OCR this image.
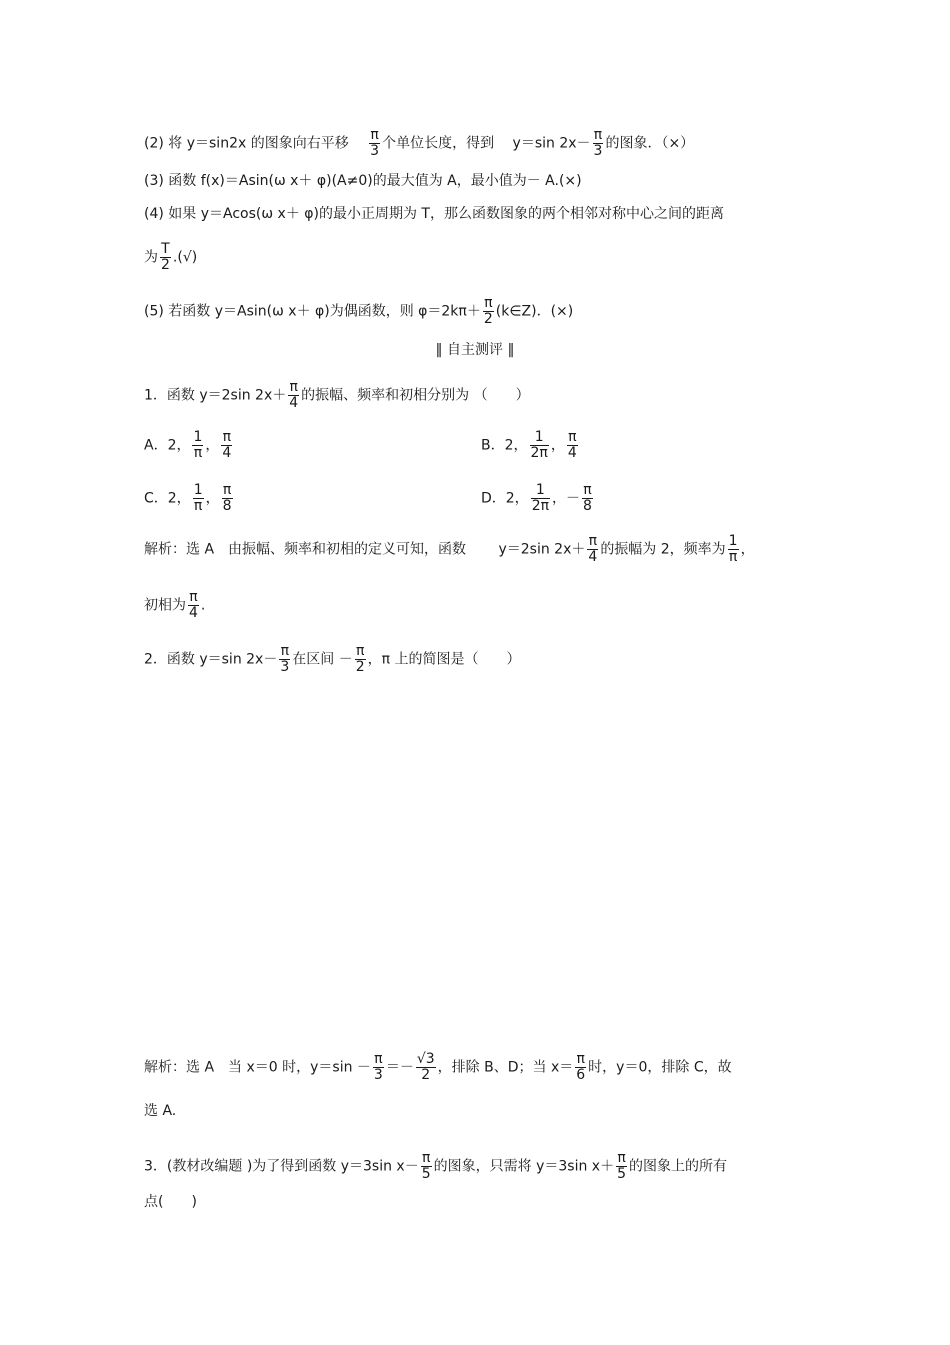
(2) 将 y＝sin2x 的图象向右平移 $\frac{\pi}{3}$ 个单位长度，得到 y＝sin $2x- \frac{\pi}{3}$ 的图象．（×）
(3) 函数 f(x)＝Asin(ω x＋ φ)(A≠0)的最大值为 A，最小值为－ A.(×)
(4) 如果 y＝Acos(ω x＋ φ)的最小正周期为 T，那么函数图象的两个相邻对称中心之间的距离
为 $\frac{T}{2}$ .(√)
(5) 若函数 y＝Asin(ω x＋ φ)为偶函数，则 $\varphi=2k\pi+ \frac{\pi}{2}$ (k∈Z)．(×)
‖ 自主测评 ‖
1．函数 y＝2sin $2x+ \frac{\pi}{4}$ 的振幅、频率和初相分别为 （　　）
A．2， $\frac{1}{\pi}$ ， $\frac{\pi}{4}$	B．2， $\frac{1}{2\pi}$ ， $\frac{\pi}{4}$
C．2， $\frac{1}{\pi}$ ， $\frac{\pi}{8}$	D．2， $\frac{1}{2\pi}$ ，－ $\frac{\pi}{8}$
解析：选 A　由振幅、频率和初相的定义可知，函数 y＝2sin $2x+ \frac{\pi}{4}$ 的振幅为 2，频率为 $\frac{1}{\pi}$ ，
初相为 $\frac{\pi}{4}$ .
2．函数 y＝sin $2x- \frac{\pi}{3}$ 在区间 － $\frac{\pi}{2}$ ，π 上的简图是（　　）
解析：选 A　当 x＝0 时，$y=\sin - \frac{\pi}{3} =- \frac{√3}{2}$ ，排除 B、D；当 $x= \frac{\pi}{6}$ 时，y＝0，排除 C，故
选 A.
3．(教材改编题 )为了得到函数 y＝3sin $x- \frac{\pi}{5}$ 的图象，只需将 y＝3sin $x+ \frac{\pi}{5}$ 的图象上的所有
点(　　)
